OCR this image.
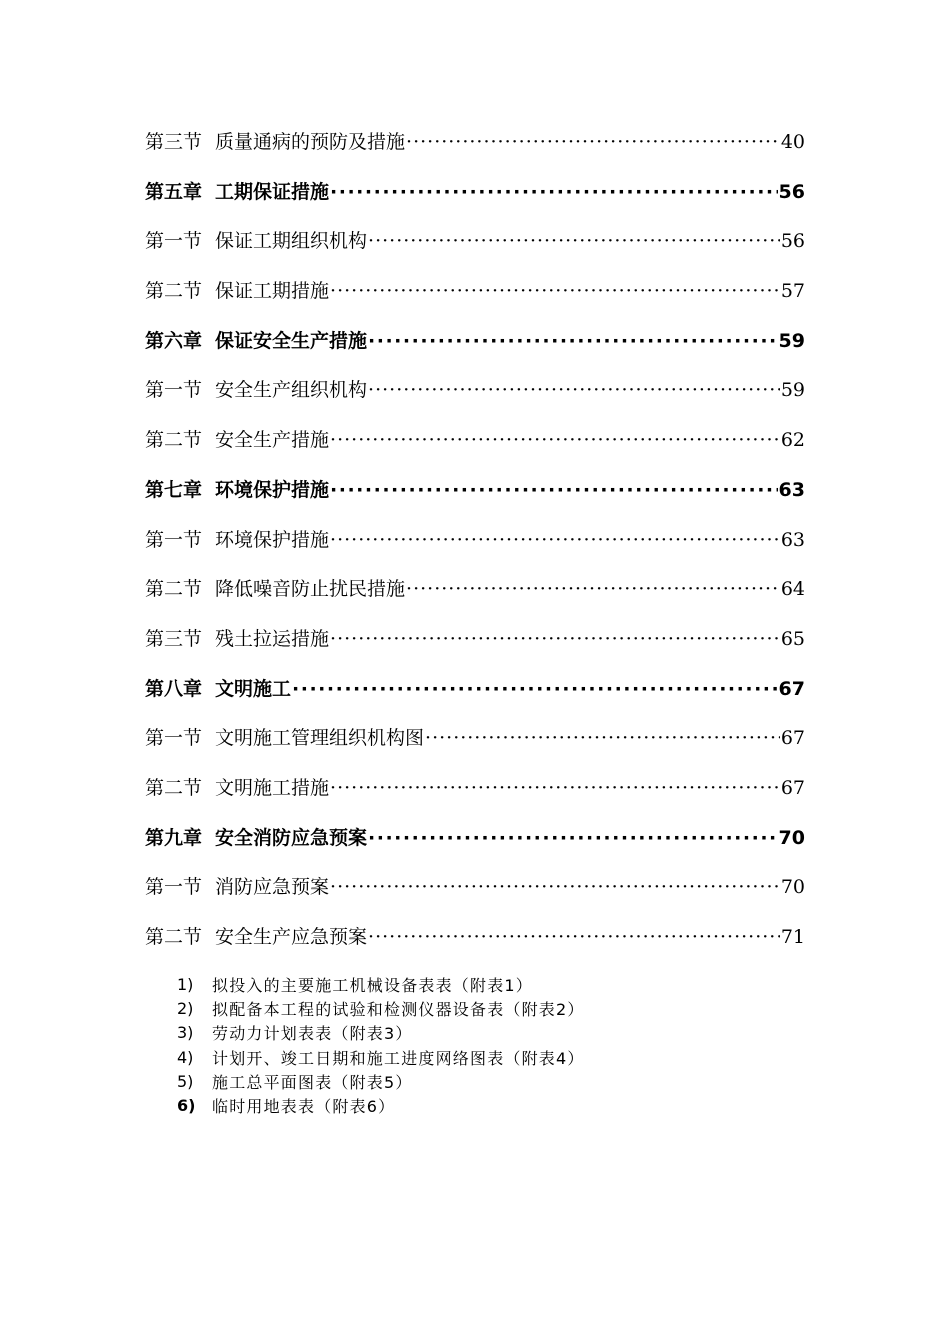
第三节 质量通病的预防及措施 ·····	40
第五章 工期保证措施 ·····	56
第一节 保证工期组织机构 ·····	56
第二节 保证工期措施 ·····	57
第六章 保证安全生产措施 ·····	59
第一节 安全生产组织机构 ·····	59
第二节 安全生产措施 ·····	62
第七章 环境保护措施 ·····	63
第一节 环境保护措施 ·····	63
第二节 降低噪音防止扰民措施 ·····	64
第三节 残土拉运措施 ·····	65
第八章 文明施工 ·····	67
第一节 文明施工管理组织机构图 ·····	67
第二节 文明施工措施 ·····	67
第九章 安全消防应急预案 ·····	70
第一节 消防应急预案 ·····	70
第二节 安全生产应急预案 ·····	71
1)	拟投入的主要施工机械设备表表（附表1）
2)	拟配备本工程的试验和检测仪器设备表（附表2）
3)	劳动力计划表表（附表3）
4)	计划开、竣工日期和施工进度网络图表（附表4）
5)	施工总平面图表（附表5）
6)	临时用地表表（附表6）
